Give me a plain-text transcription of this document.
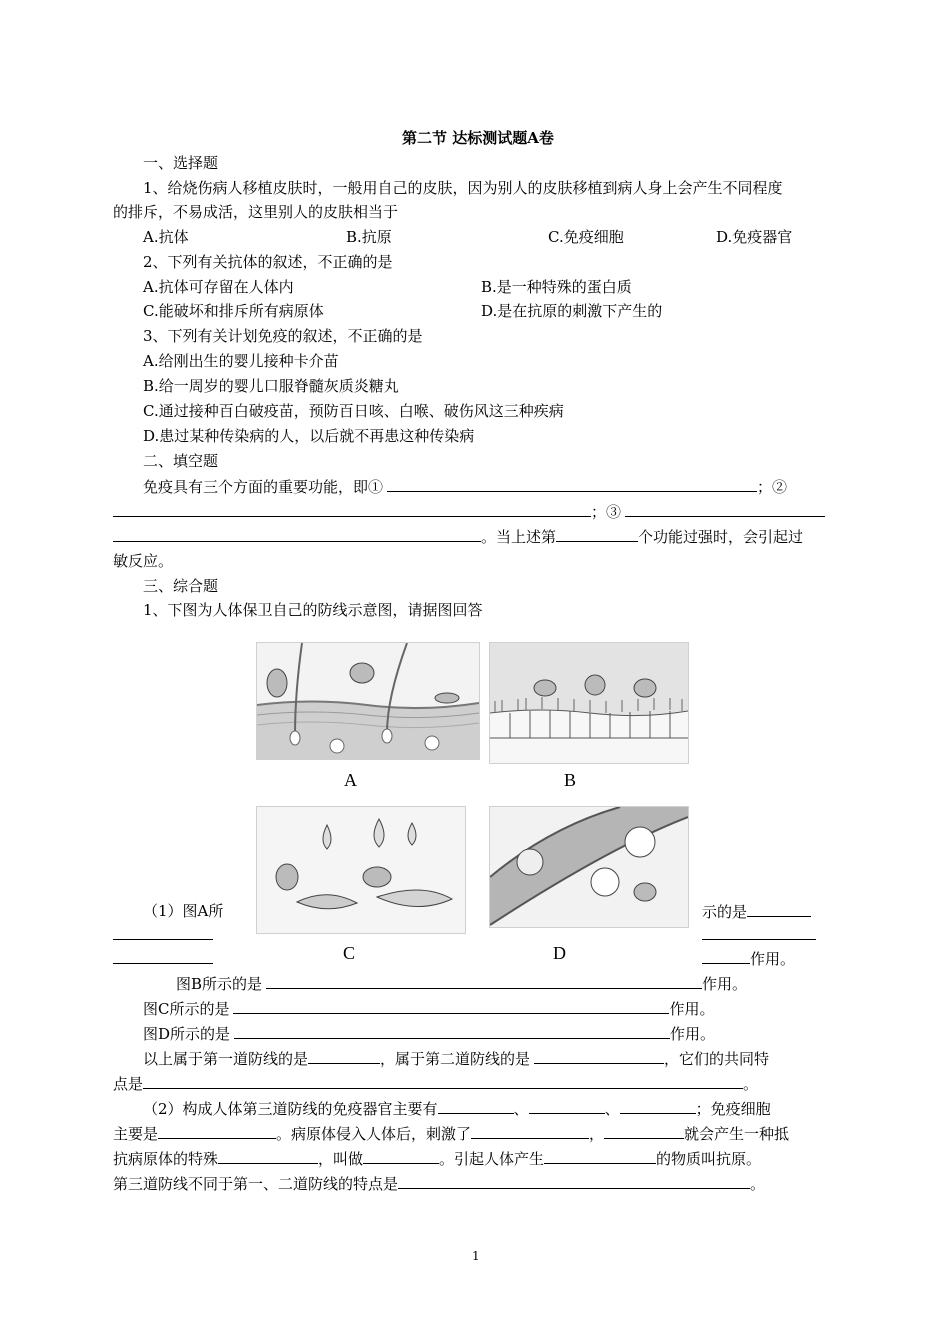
第二节 达标测试题A卷
一、选择题
1、给烧伤病人移植皮肤时，一般用自己的皮肤，因为别人的皮肤移植到病人身上会产生不同程度
的排斥，不易成活，这里别人的皮肤相当于
A.抗体	B.抗原	C.免疫细胞	D.免疫器官
2、下列有关抗体的叙述，不正确的是
A.抗体可存留在人体内	B.是一种特殊的蛋白质
C.能破坏和排斥所有病原体	D.是在抗原的刺激下产生的
3、下列有关计划免疫的叙述，不正确的是
A.给刚出生的婴儿接种卡介苗
B.给一周岁的婴儿口服脊髓灰质炎糖丸
C.通过接种百白破疫苗，预防百日咳、白喉、破伤风这三种疾病
D.患过某种传染病的人，以后就不再患这种传染病
二、填空题
免疫具有三个方面的重要功能，即①	；②
；③
。当上述第	个功能过强时，会引起过
敏反应。
三、综合题
1、下图为人体保卫自己的防线示意图，请据图回答
A	B
C	D
（1）图A所	示的是
作用。
图B所示的是	作用。
图C所示的是	作用。
图D所示的是	作用。
以上属于第一道防线的是	，属于第二道防线的是	，它们的共同特
点是	。
（2）构成人体第三道防线的免疫器官主要有	、	、	；免疫细胞
主要是	。病原体侵入人体后，刺激了	，	就会产生一种抵
抗病原体的特殊	，叫做	。引起人体产生	的物质叫抗原。
第三道防线不同于第一、二道防线的特点是	。
1
